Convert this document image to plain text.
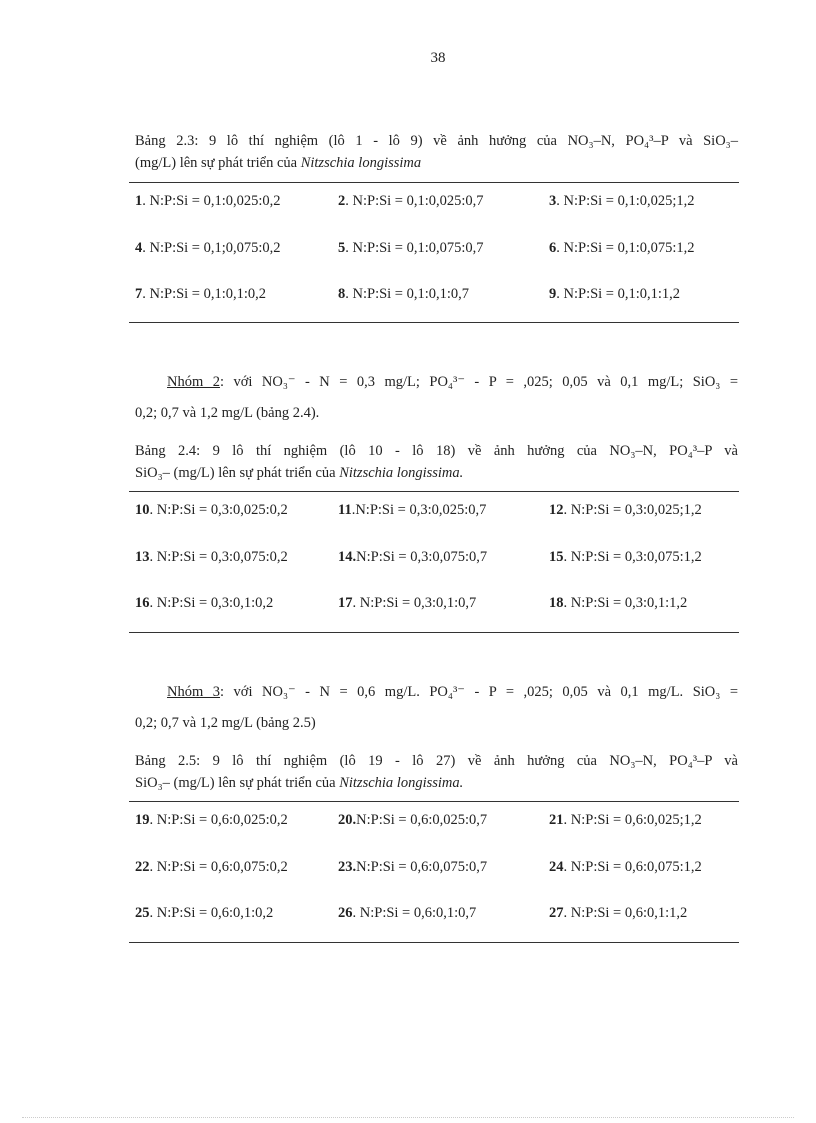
38
Bảng 2.3: 9 lô thí nghiệm (lô 1 - lô 9) về ảnh hưởng của NO₃–N, PO₄³–P và SiO₃–
(mg/L) lên sự phát triển của Nitzschia longissima
1. N:P:Si = 0,1:0,025:0,2	2. N:P:Si = 0,1:0,025:0,7	3. N:P:Si = 0,1:0,025;1,2
4. N:P:Si = 0,1;0,075:0,2	5. N:P:Si = 0,1:0,075:0,7	6. N:P:Si = 0,1:0,075:1,2
7. N:P:Si = 0,1:0,1:0,2	8. N:P:Si = 0,1:0,1:0,7	9. N:P:Si = 0,1:0,1:1,2
Nhóm 2: với NO₃⁻ - N = 0,3 mg/L; PO₄³⁻ - P = ,025; 0,05 và 0,1 mg/L; SiO₃ =
0,2; 0,7 và 1,2 mg/L (bảng 2.4).
Bảng 2.4: 9 lô thí nghiệm (lô 10 - lô 18) về ảnh hưởng của NO₃–N, PO₄³–P và
SiO₃– (mg/L) lên sự phát triển của Nitzschia longissima.
10. N:P:Si = 0,3:0,025:0,2	11.N:P:Si = 0,3:0,025:0,7	12. N:P:Si = 0,3:0,025;1,2
13. N:P:Si = 0,3:0,075:0,2	14.N:P:Si = 0,3:0,075:0,7	15. N:P:Si = 0,3:0,075:1,2
16. N:P:Si = 0,3:0,1:0,2	17. N:P:Si = 0,3:0,1:0,7	18. N:P:Si = 0,3:0,1:1,2
Nhóm 3: với NO₃⁻ - N = 0,6 mg/L. PO₄³⁻ - P = ,025; 0,05 và 0,1 mg/L. SiO₃ =
0,2; 0,7 và 1,2 mg/L (bảng 2.5)
Bảng 2.5: 9 lô thí nghiệm (lô 19 - lô 27) về ảnh hưởng của NO₃–N, PO₄³–P và
SiO₃– (mg/L) lên sự phát triển của Nitzschia longissima.
19. N:P:Si = 0,6:0,025:0,2	20.N:P:Si = 0,6:0,025:0,7	21. N:P:Si = 0,6:0,025;1,2
22. N:P:Si = 0,6:0,075:0,2	23.N:P:Si = 0,6:0,075:0,7	24. N:P:Si = 0,6:0,075:1,2
25. N:P:Si = 0,6:0,1:0,2	26. N:P:Si = 0,6:0,1:0,7	27. N:P:Si = 0,6:0,1:1,2
